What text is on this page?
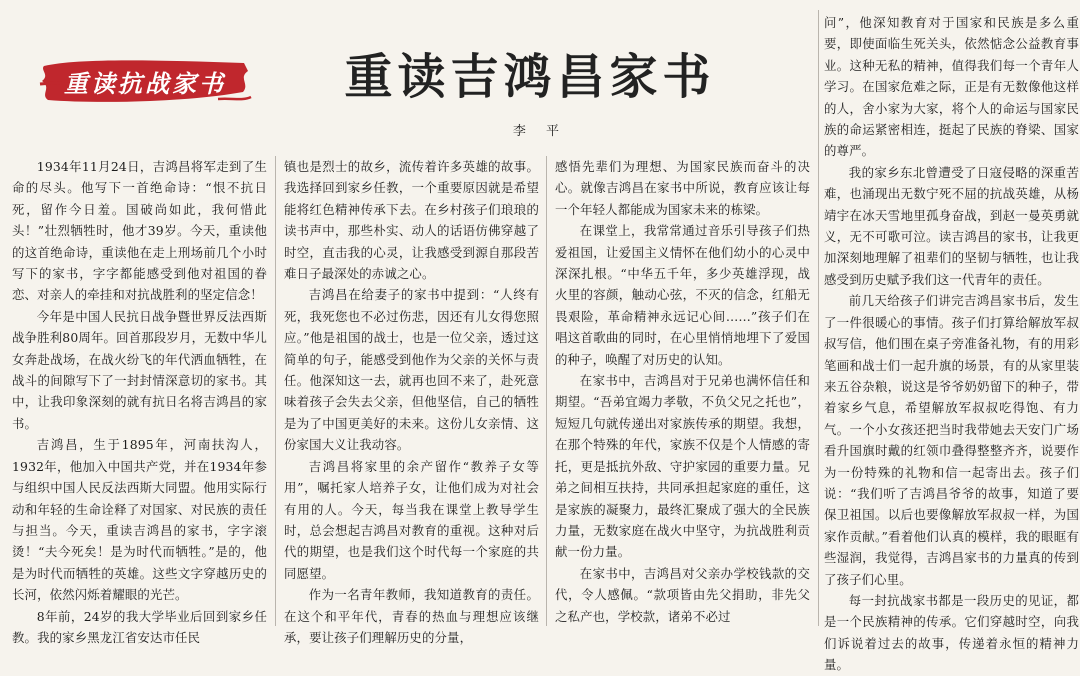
重读抗战家书	重读吉鸿昌家书
李 平

1934年11月24日，吉鸿昌将军走到了生命的尽头。他写下一首绝命诗：“恨不抗日死，留作今日羞。国破尚如此，我何惜此头！”壮烈牺牲时，他才39岁。今天，重读他的这首绝命诗，重读他在走上刑场前几个小时写下的家书，字字都能感受到他对祖国的眷恋、对亲人的牵挂和对抗战胜利的坚定信念！

今年是中国人民抗日战争暨世界反法西斯战争胜利80周年。回首那段岁月，无数中华儿女奔赴战场，在战火纷飞的年代洒血牺牲，在战斗的间隙写下了一封封情深意切的家书。其中，让我印象深刻的就有抗日名将吉鸿昌的家书。

吉鸿昌，生于1895年，河南扶沟人，1932年，他加入中国共产党，并在1934年参与组织中国人民反法西斯大同盟。他用实际行动和年轻的生命诠释了对国家、对民族的责任与担当。今天，重读吉鸿昌的家书，字字滚烫！“夫今死矣！是为时代而牺牲。”是的，他是为时代而牺牲的英雄。这些文字穿越历史的长河，依然闪烁着耀眼的光芒。

8年前，24岁的我大学毕业后回到家乡任教。我的家乡黑龙江省安达市任民

镇也是烈士的故乡，流传着许多英雄的故事。我选择回到家乡任教，一个重要原因就是希望能将红色精神传承下去。在乡村孩子们琅琅的读书声中，那些朴实、动人的话语仿佛穿越了时空，直击我的心灵，让我感受到源自那段苦难日子最深处的赤诚之心。

吉鸿昌在给妻子的家书中提到：“人终有死，我死您也不必过伤悲，因还有儿女得您照应。”他是祖国的战士，也是一位父亲，透过这简单的句子，能感受到他作为父亲的关怀与责任。他深知这一去，就再也回不来了，赴死意味着孩子会失去父亲，但他坚信，自己的牺牲是为了中国更美好的未来。这份儿女亲情、这份家国大义让我动容。

吉鸿昌将家里的余产留作“教养子女等用”，嘱托家人培养子女，让他们成为对社会有用的人。今天，每当我在课堂上教导学生时，总会想起吉鸿昌对教育的重视。这种对后代的期望，也是我们这个时代每一个家庭的共同愿望。

作为一名青年教师，我知道教育的责任。在这个和平年代，青春的热血与理想应该继承，要让孩子们理解历史的分量，

感悟先辈们为理想、为国家民族而奋斗的决心。就像吉鸿昌在家书中所说，教育应该让每一个年轻人都能成为国家未来的栋梁。

在课堂上，我常常通过音乐引导孩子们热爱祖国，让爱国主义情怀在他们幼小的心灵中深深扎根。“中华五千年，多少英雄浮现，战火里的容颜，触动心弦，不灭的信念，红船无畏艰险，革命精神永远记心间……”孩子们在唱这首歌曲的同时，在心里悄悄地埋下了爱国的种子，唤醒了对历史的认知。

在家书中，吉鸿昌对于兄弟也满怀信任和期望。“吾弟宜竭力孝敬，不负父兄之托也”，短短几句就传递出对家族传承的期望。我想，在那个特殊的年代，家族不仅是个人情感的寄托，更是抵抗外敌、守护家园的重要力量。兄弟之间相互扶持，共同承担起家庭的重任，这是家族的凝聚力，最终汇聚成了强大的全民族力量，无数家庭在战火中坚守，为抗战胜利贡献一份力量。

在家书中，吉鸿昌对父亲办学校钱款的交代，令人感佩。“款项皆由先父捐助，非先父之私产也，学校款，诸弟不必过

问”，他深知教育对于国家和民族是多么重要，即使面临生死关头，依然惦念公益教育事业。这种无私的精神，值得我们每一个青年人学习。在国家危难之际，正是有无数像他这样的人，舍小家为大家，将个人的命运与国家民族的命运紧密相连，挺起了民族的脊梁、国家的尊严。

我的家乡东北曾遭受了日寇侵略的深重苦难，也涌现出无数宁死不屈的抗战英雄，从杨靖宇在冰天雪地里孤身奋战，到赵一曼英勇就义，无不可歌可泣。读吉鸿昌的家书，让我更加深刻地理解了祖辈们的坚韧与牺牲，也让我感受到历史赋予我们这一代青年的责任。

前几天给孩子们讲完吉鸿昌家书后，发生了一件很暖心的事情。孩子们打算给解放军叔叔写信，他们围在桌子旁准备礼物，有的用彩笔画和战士们一起升旗的场景，有的从家里装来五谷杂粮，说这是爷爷奶奶留下的种子，带着家乡气息，希望解放军叔叔吃得饱、有力气。一个小女孩还把当时我带她去天安门广场看升国旗时戴的红领巾叠得整整齐齐，说要作为一份特殊的礼物和信一起寄出去。孩子们说：“我们听了吉鸿昌爷爷的故事，知道了要保卫祖国。以后也要像解放军叔叔一样，为国家作贡献。”看着他们认真的模样，我的眼眶有些湿润，我觉得，吉鸿昌家书的力量真的传到了孩子们心里。

每一封抗战家书都是一段历史的见证，都是一个民族精神的传承。它们穿越时空，向我们诉说着过去的故事，传递着永恒的精神力量。
